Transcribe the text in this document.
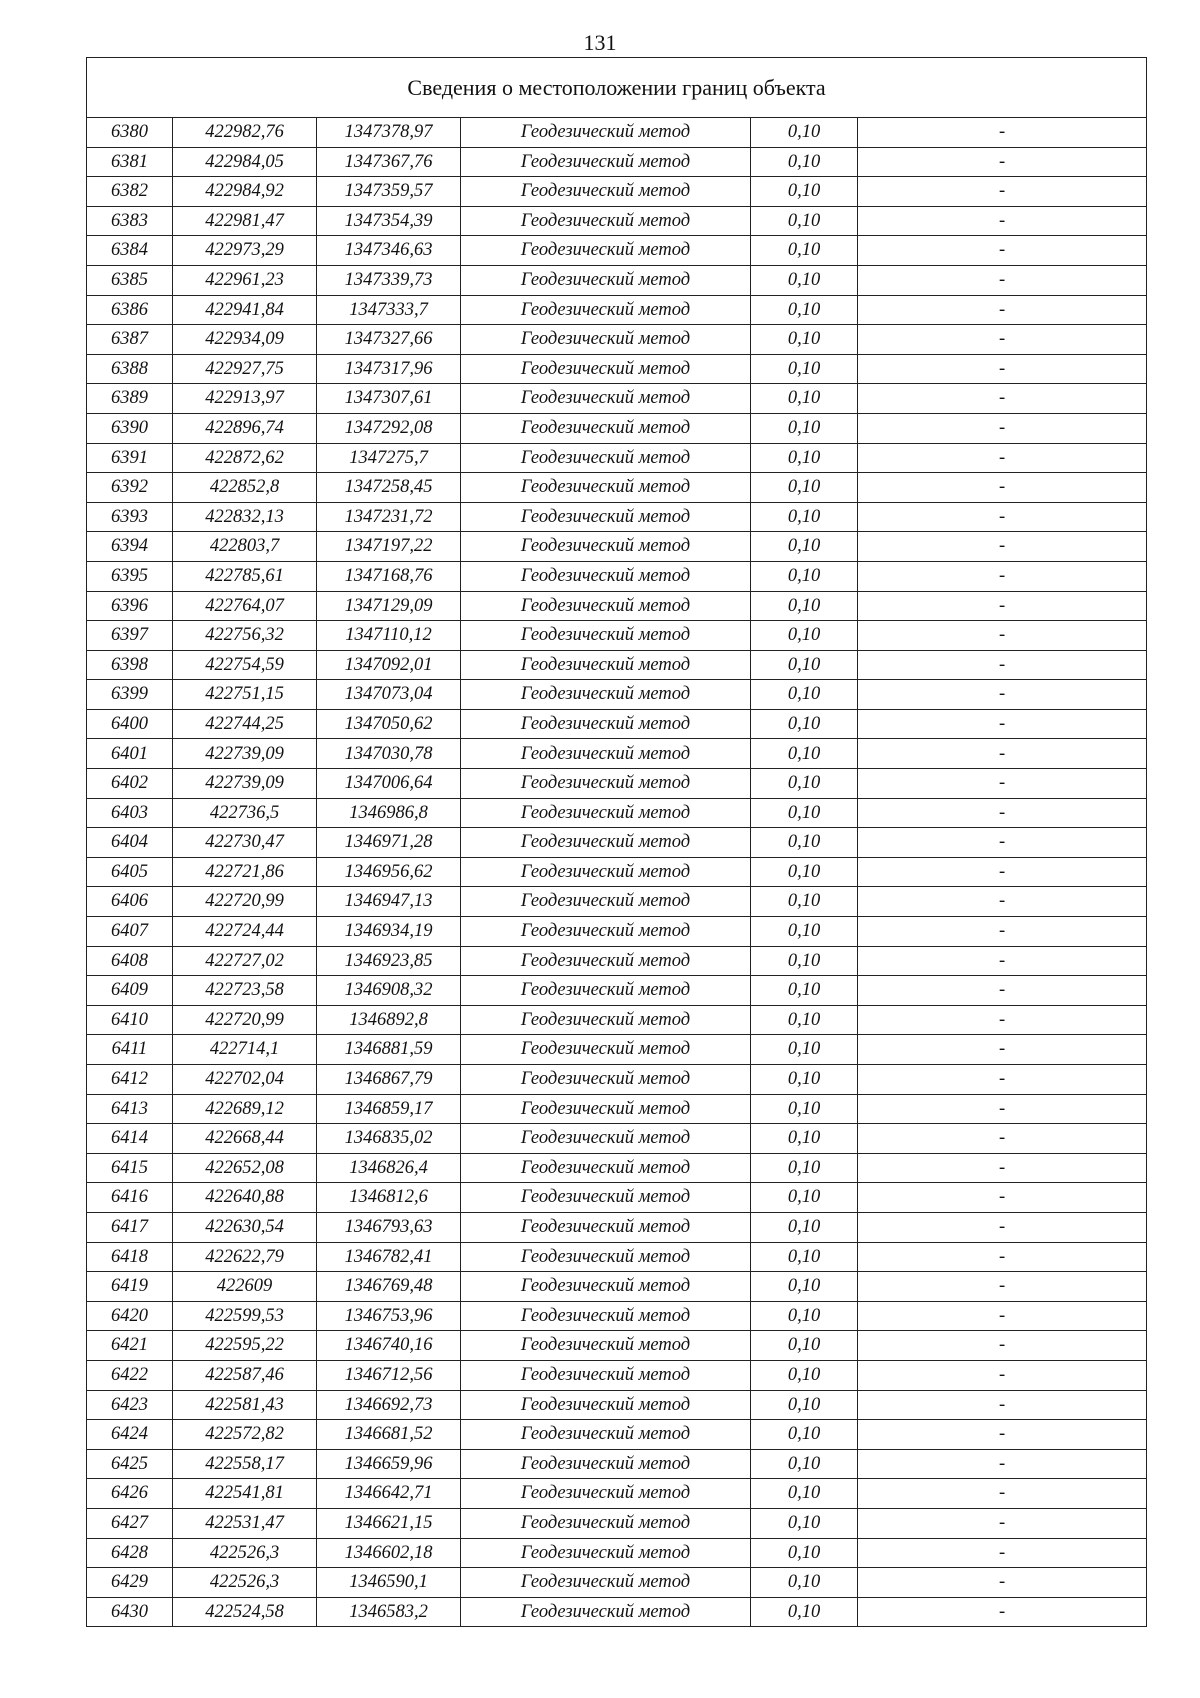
131
Сведения о местоположении границ объекта					
6380	422982,76	1347378,97	Геодезический метод	0,10	-
6381	422984,05	1347367,76	Геодезический метод	0,10	-
6382	422984,92	1347359,57	Геодезический метод	0,10	-
6383	422981,47	1347354,39	Геодезический метод	0,10	-
6384	422973,29	1347346,63	Геодезический метод	0,10	-
6385	422961,23	1347339,73	Геодезический метод	0,10	-
6386	422941,84	1347333,7	Геодезический метод	0,10	-
6387	422934,09	1347327,66	Геодезический метод	0,10	-
6388	422927,75	1347317,96	Геодезический метод	0,10	-
6389	422913,97	1347307,61	Геодезический метод	0,10	-
6390	422896,74	1347292,08	Геодезический метод	0,10	-
6391	422872,62	1347275,7	Геодезический метод	0,10	-
6392	422852,8	1347258,45	Геодезический метод	0,10	-
6393	422832,13	1347231,72	Геодезический метод	0,10	-
6394	422803,7	1347197,22	Геодезический метод	0,10	-
6395	422785,61	1347168,76	Геодезический метод	0,10	-
6396	422764,07	1347129,09	Геодезический метод	0,10	-
6397	422756,32	1347110,12	Геодезический метод	0,10	-
6398	422754,59	1347092,01	Геодезический метод	0,10	-
6399	422751,15	1347073,04	Геодезический метод	0,10	-
6400	422744,25	1347050,62	Геодезический метод	0,10	-
6401	422739,09	1347030,78	Геодезический метод	0,10	-
6402	422739,09	1347006,64	Геодезический метод	0,10	-
6403	422736,5	1346986,8	Геодезический метод	0,10	-
6404	422730,47	1346971,28	Геодезический метод	0,10	-
6405	422721,86	1346956,62	Геодезический метод	0,10	-
6406	422720,99	1346947,13	Геодезический метод	0,10	-
6407	422724,44	1346934,19	Геодезический метод	0,10	-
6408	422727,02	1346923,85	Геодезический метод	0,10	-
6409	422723,58	1346908,32	Геодезический метод	0,10	-
6410	422720,99	1346892,8	Геодезический метод	0,10	-
6411	422714,1	1346881,59	Геодезический метод	0,10	-
6412	422702,04	1346867,79	Геодезический метод	0,10	-
6413	422689,12	1346859,17	Геодезический метод	0,10	-
6414	422668,44	1346835,02	Геодезический метод	0,10	-
6415	422652,08	1346826,4	Геодезический метод	0,10	-
6416	422640,88	1346812,6	Геодезический метод	0,10	-
6417	422630,54	1346793,63	Геодезический метод	0,10	-
6418	422622,79	1346782,41	Геодезический метод	0,10	-
6419	422609	1346769,48	Геодезический метод	0,10	-
6420	422599,53	1346753,96	Геодезический метод	0,10	-
6421	422595,22	1346740,16	Геодезический метод	0,10	-
6422	422587,46	1346712,56	Геодезический метод	0,10	-
6423	422581,43	1346692,73	Геодезический метод	0,10	-
6424	422572,82	1346681,52	Геодезический метод	0,10	-
6425	422558,17	1346659,96	Геодезический метод	0,10	-
6426	422541,81	1346642,71	Геодезический метод	0,10	-
6427	422531,47	1346621,15	Геодезический метод	0,10	-
6428	422526,3	1346602,18	Геодезический метод	0,10	-
6429	422526,3	1346590,1	Геодезический метод	0,10	-
6430	422524,58	1346583,2	Геодезический метод	0,10	-
